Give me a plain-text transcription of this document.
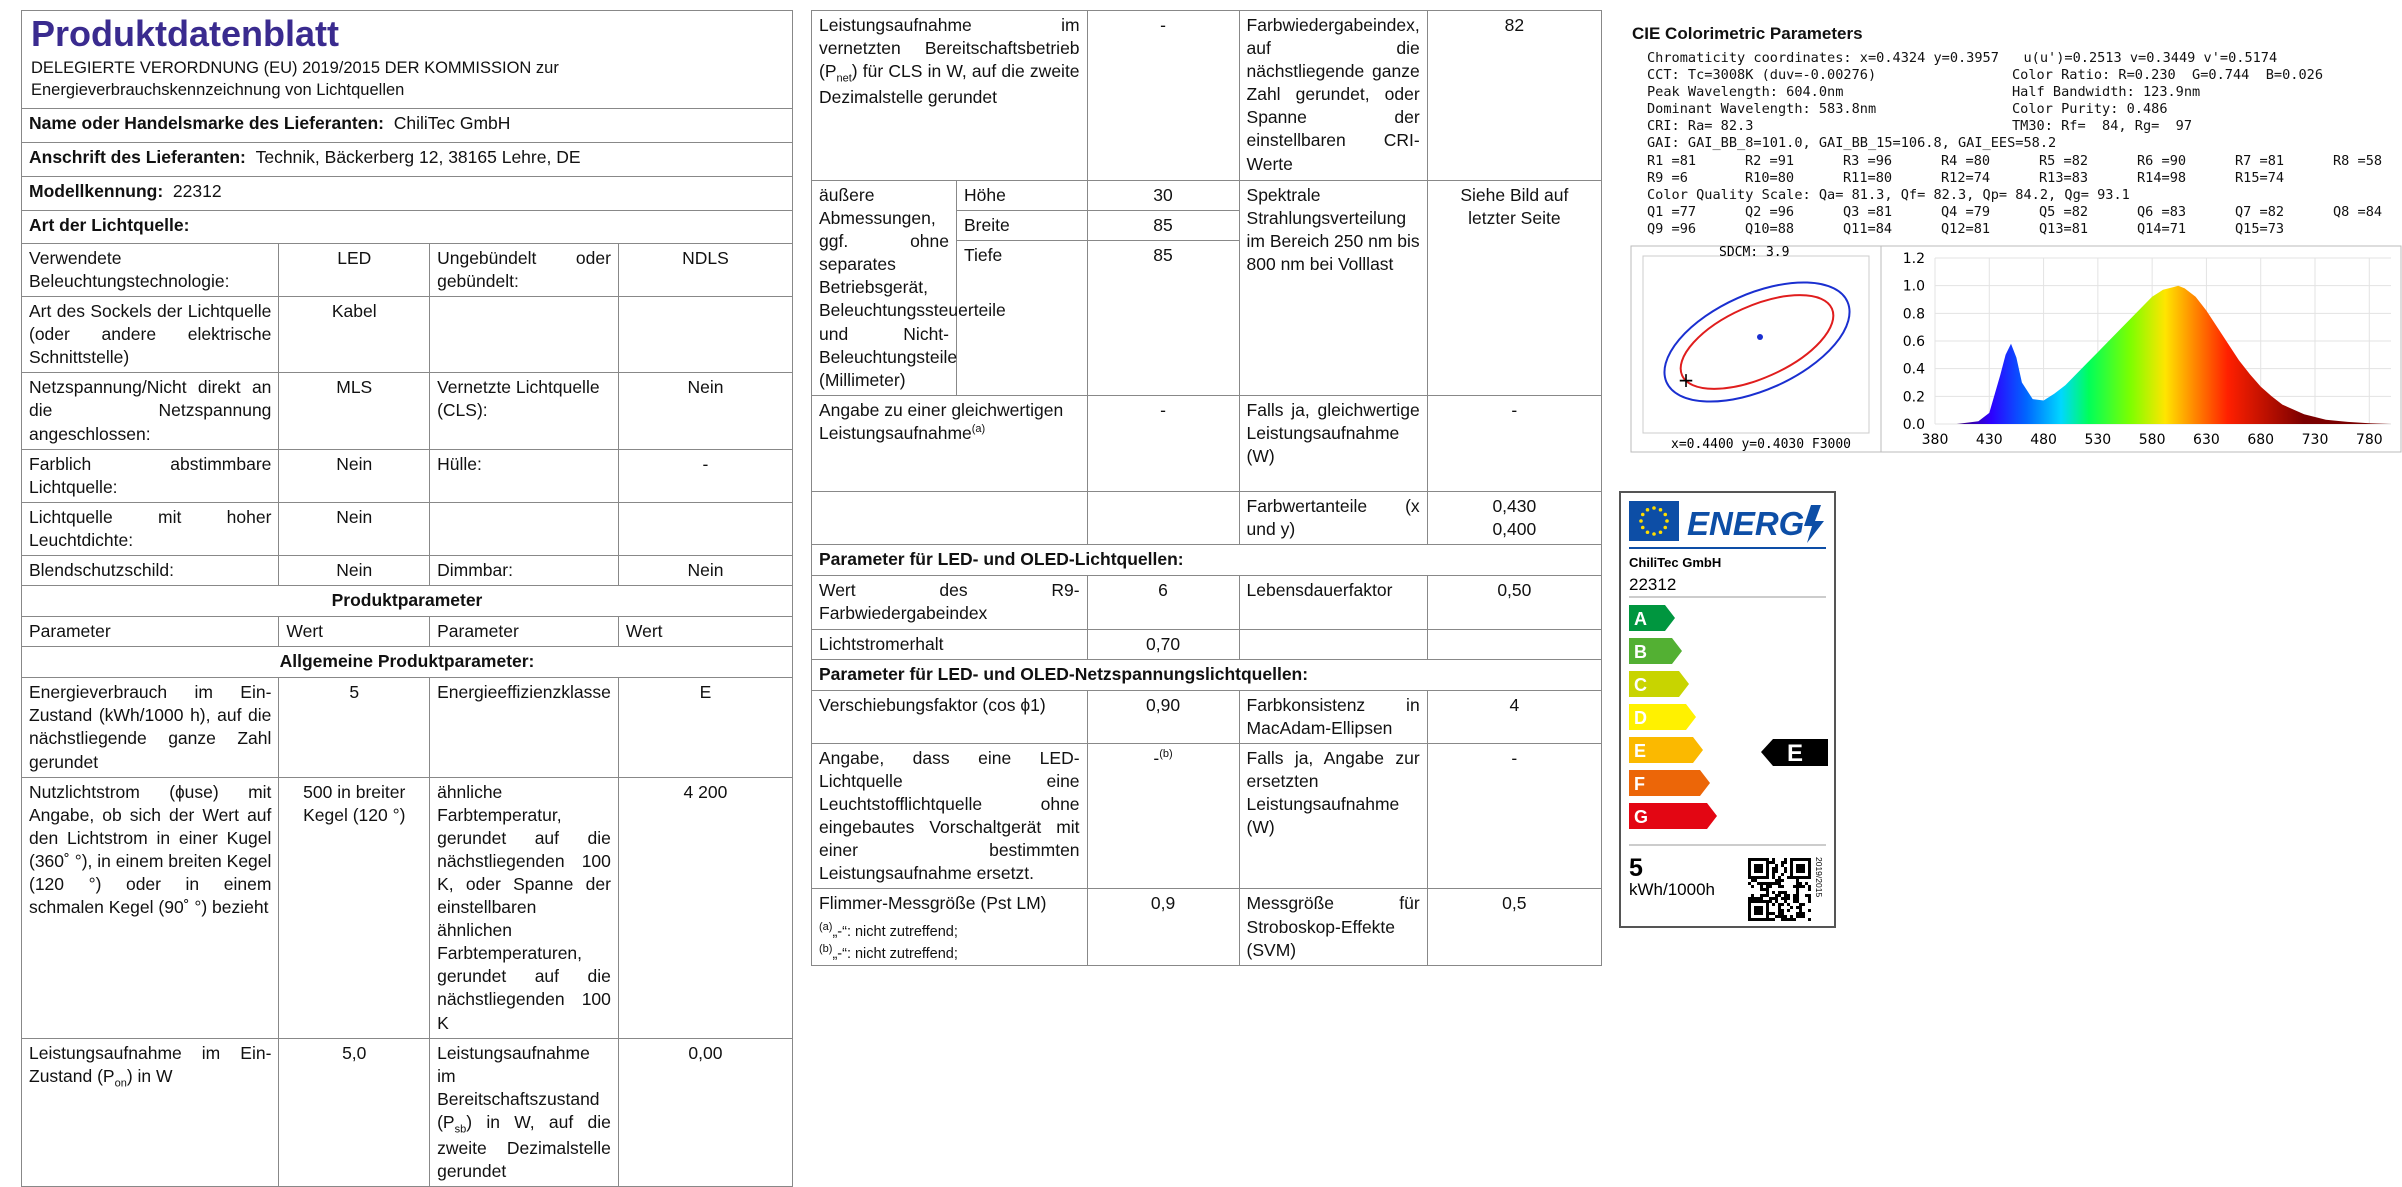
Produktdatenblatt
DELEGIERTE VERORDNUNG (EU) 2019/2015 DER KOMMISSION zur Energieverbrauchskennzeichnung von Lichtquellen			

Name oder Handelsmarke des Lieferanten: ChiliTec GmbH			
Anschrift des Lieferanten: Technik, Bäckerberg 12, 38165 Lehre, DE			
Modellkennung: 22312			
Art der Lichtquelle:			
Verwendete Beleuchtungstechnologie:	LED	Ungebündelt oder gebündelt:	NDLS
Art des Sockels der Lichtquelle (oder andere elektrische Schnittstelle)	Kabel		
Netzspannung/Nicht direkt an die Netzspannung angeschlossen:	MLS	Vernetzte Lichtquelle (CLS):	Nein
Farblich abstimmbare Lichtquelle:	Nein	Hülle:	-
Lichtquelle mit hoher Leuchtdichte:	Nein		
Blendschutzschild:	Nein	Dimmbar:	Nein
Produktparameter			
Parameter	Wert	Parameter	Wert
Allgemeine Produktparameter:			
Energieverbrauch im Ein-Zustand (kWh/1000 h), auf die nächstliegende ganze Zahl gerundet	5	Energieeffizienzklasse	E
Nutzlichtstrom (ɸuse) mit Angabe, ob sich der Wert auf den Lichtstrom in einer Kugel (360˚ °), in einem breiten Kegel (120 °) oder in einem schmalen Kegel (90˚ °) bezieht	500 in breiter Kegel (120 °)	ähnliche Farbtemperatur, gerundet auf die nächstliegenden 100 K, oder Spanne der einstellbaren ähnlichen Farbtemperaturen, gerundet auf die nächstliegenden 100 K	4 200
Leistungsaufnahme im Ein-Zustand $(P_{on})$ in W	5,0	Leistungsaufnahme im Bereitschaftszustand $(P_{sb})$ in W, auf die zweite Dezimalstelle gerundet	0,00
Leistungsaufnahme im vernetzten Bereitschaftsbetrieb $(P_{net})$ für CLS in W, auf die zweite Dezimalstelle gerundet		-	Farbwiedergabeindex, auf die nächstliegende ganze Zahl gerundet, oder Spanne der einstellbaren CRI-Werte	82
äußere Abmessungen, ggf. ohne separates Betriebsgerät, Beleuchtungssteuerteile und Nicht-Beleuchtungsteile (Millimeter)	Höhe	30	Spektrale Strahlungsverteilung im Bereich 250 nm bis 800 nm bei Volllast	Siehe Bild auf letzter Seite
	Breite	85		
	Tiefe	85		
Angabe zu einer gleichwertigen Leistungsaufnahme$^{(a)}$		-	Falls ja, gleichwertige Leistungsaufnahme (W)	-
			Farbwertanteile (x und y)	0,430
0,400

Parameter für LED- und OLED-Lichtquellen:				
Wert des R9-Farbwiedergabeindex		6	Lebensdauerfaktor	0,50
Lichtstromerhalt		0,70		
Parameter für LED- und OLED-Netzspannungslichtquellen:				
Verschiebungsfaktor (cos ϕ1)		0,90	Farbkonsistenz in MacAdam-Ellipsen	4
Angabe, dass eine LED-Lichtquelle eine Leuchtstofflichtquelle ohne eingebautes Vorschaltgerät mit einer bestimmten Leistungsaufnahme ersetzt.		-$^{(b)}$	Falls ja, Angabe zur ersetzten Leistungsaufnahme (W)	-
Flimmer-Messgröße (Pst LM)		0,9	Messgröße für Stroboskop-Effekte (SVM)	0,5
$^{(a)}$„-“: nicht zutreffend;
$^{(b)}$„-“: nicht zutreffend;
CIE Colorimetric Parameters
Chromaticity coordinates: x=0.4324 y=0.3957   u(u')=0.2513 v=0.3449 v'=0.5174
CCT: Tc=3008K (duv=-0.00276)	Color Ratio: R=0.230  G=0.744  B=0.026
Peak Wavelength: 604.0nm	Half Bandwidth: 123.9nm
Dominant Wavelength: 583.8nm	Color Purity: 0.486
CRI: Ra= 82.3	TM30: Rf=  84, Rg=  97
GAI: GAI_BB_8=101.0, GAI_BB_15=106.8, GAI_EES=58.2
R1 =81	R2 =91	R3 =96	R4 =80	R5 =82	R6 =90	R7 =81	R8 =58
R9 =6	R10=80	R11=80	R12=74	R13=83	R14=98	R15=74
Color Quality Scale: Qa= 81.3, Qf= 82.3, Qp= 84.2, Qg= 93.1
Q1 =77	Q2 =96	Q3 =81	Q4 =79	Q5 =82	Q6 =83	Q7 =82	Q8 =84
Q9 =96	Q10=88	Q11=84	Q12=81	Q13=81	Q14=71	Q15=73
SDCM: 3.9
+
x=0.4400 y=0.4030 F3000
1.2
1.0
0.8
0.6
0.4
0.2
0.0
380 430 480 530 580 630 680 730 780
ENERG
ChiliTec GmbH
22312
A
B
C
D
E
F
G
E
5
kWh/1000h	2019/2015
